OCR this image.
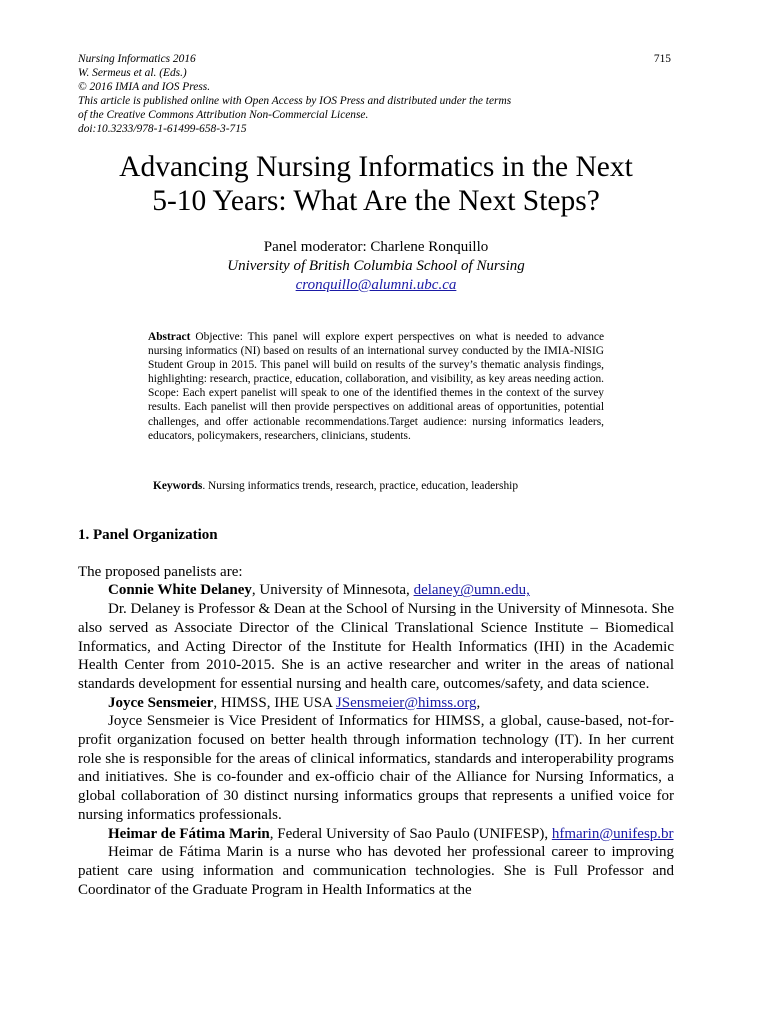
Nursing Informatics 2016
W. Sermeus et al. (Eds.)
© 2016 IMIA and IOS Press.
This article is published online with Open Access by IOS Press and distributed under the terms
of the Creative Commons Attribution Non-Commercial License.
doi:10.3233/978-1-61499-658-3-715
715
Advancing Nursing Informatics in the Next
5-10 Years: What Are the Next Steps?
Panel moderator: Charlene Ronquillo
University of British Columbia School of Nursing
cronquillo@alumni.ubc.ca
Abstract Objective: This panel will explore expert perspectives on what is needed to advance nursing informatics (NI) based on results of an international survey conducted by the IMIA-NISIG Student Group in 2015. This panel will build on results of the survey’s thematic analysis findings, highlighting: research, practice, education, collaboration, and visibility, as key areas needing action. Scope: Each expert panelist will speak to one of the identified themes in the context of the survey results. Each panelist will then provide perspectives on additional areas of opportunities, potential challenges, and offer actionable recommendations.Target audience: nursing informatics leaders, educators, policymakers, researchers, clinicians, students.
Keywords. Nursing informatics trends, research, practice, education, leadership
1. Panel Organization

The proposed panelists are:

Connie White Delaney, University of Minnesota, delaney@umn.edu,

Dr. Delaney is Professor & Dean at the School of Nursing in the University of Minnesota. She also served as Associate Director of the Clinical Translational Science Institute – Biomedical Informatics, and Acting Director of the Institute for Health Informatics (IHI) in the Academic Health Center from 2010-2015. She is an active researcher and writer in the areas of national standards development for essential nursing and health care, outcomes/safety, and data science.

Joyce Sensmeier, HIMSS, IHE USA JSensmeier@himss.org,

Joyce Sensmeier is Vice President of Informatics for HIMSS, a global, cause-based, not-for-profit organization focused on better health through information technology (IT). In her current role she is responsible for the areas of clinical informatics, standards and interoperability programs and initiatives. She is co-founder and ex-officio chair of the Alliance for Nursing Informatics, a global collaboration of 30 distinct nursing informatics groups that represents a unified voice for nursing informatics professionals.

Heimar de Fátima Marin, Federal University of Sao Paulo (UNIFESP), hfmarin@unifesp.br

Heimar de Fátima Marin is a nurse who has devoted her professional career to improving patient care using information and communication technologies. She is Full Professor and Coordinator of the Graduate Program in Health Informatics at the
